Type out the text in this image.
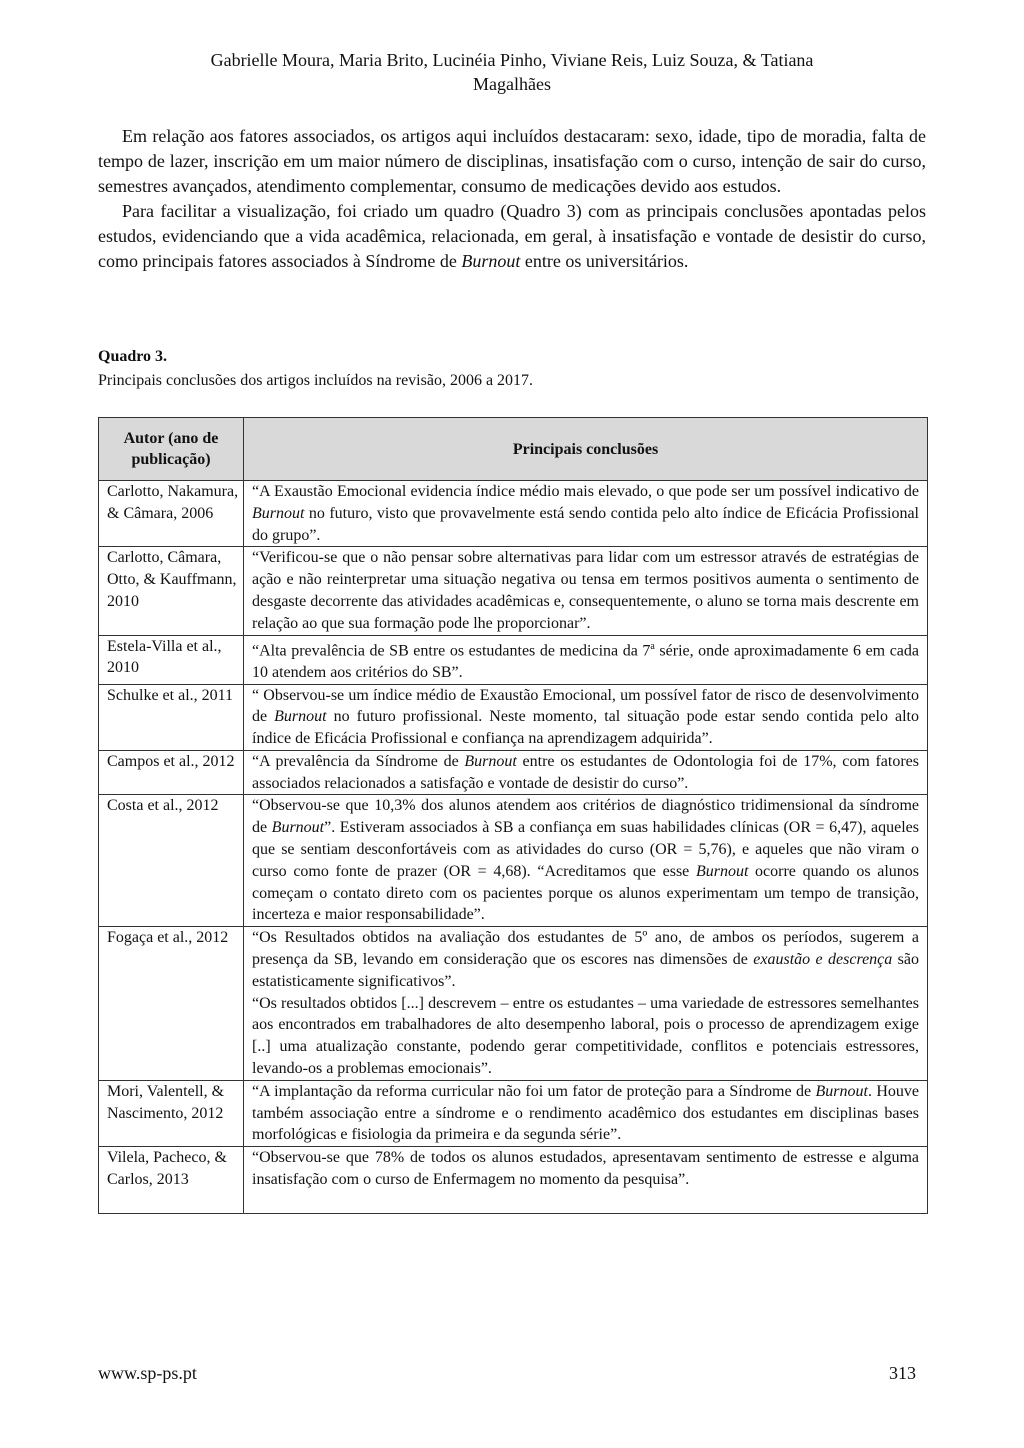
Gabrielle Moura, Maria Brito, Lucinéia Pinho, Viviane Reis, Luiz Souza, & Tatiana
Magalhães

Em relação aos fatores associados, os artigos aqui incluídos destacaram: sexo, idade, tipo de moradia, falta de tempo de lazer, inscrição em um maior número de disciplinas, insatisfação com o curso, intenção de sair do curso, semestres avançados, atendimento complementar, consumo de medicações devido aos estudos.

Para facilitar a visualização, foi criado um quadro (Quadro 3) com as principais conclusões apontadas pelos estudos, evidenciando que a vida acadêmica, relacionada, em geral, à insatisfação e vontade de desistir do curso, como principais fatores associados à Síndrome de Burnout entre os universitários.

Quadro 3.
Principais conclusões dos artigos incluídos na revisão, 2006 a 2017.
Autor (ano de publicação)	Principais conclusões
Carlotto, Nakamura, & Câmara, 2006	“A Exaustão Emocional evidencia índice médio mais elevado, o que pode ser um possível indicativo de Burnout no futuro, visto que provavelmente está sendo contida pelo alto índice de Eficácia Profissional do grupo”.
Carlotto, Câmara, Otto, & Kauffmann, 2010	“Verificou-se que o não pensar sobre alternativas para lidar com um estressor através de estratégias de ação e não reinterpretar uma situação negativa ou tensa em termos positivos aumenta o sentimento de desgaste decorrente das atividades acadêmicas e, consequentemente, o aluno se torna mais descrente em relação ao que sua formação pode lhe proporcionar”.
Estela-Villa et al., 2010	“Alta prevalência de SB entre os estudantes de medicina da 7$^a$ série, onde aproximadamente 6 em cada 10 atendem aos critérios do SB”.
Schulke et al., 2011	“ Observou-se um índice médio de Exaustão Emocional, um possível fator de risco de desenvolvimento de Burnout no futuro profissional. Neste momento, tal situação pode estar sendo contida pelo alto índice de Eficácia Profissional e confiança na aprendizagem adquirida”.
Campos et al., 2012	“A prevalência da Síndrome de Burnout entre os estudantes de Odontologia foi de 17%, com fatores associados relacionados a satisfação e vontade de desistir do curso”.
Costa et al., 2012	“Observou-se que 10,3% dos alunos atendem aos critérios de diagnóstico tridimensional da síndrome de Burnout”. Estiveram associados à SB a confiança em suas habilidades clínicas (OR = 6,47), aqueles que se sentiam desconfortáveis com as atividades do curso (OR = 5,76), e aqueles que não viram o curso como fonte de prazer (OR = 4,68). “Acreditamos que esse Burnout ocorre quando os alunos começam o contato direto com os pacientes porque os alunos experimentam um tempo de transição, incerteza e maior responsabilidade”.
Fogaça et al., 2012	“Os Resultados obtidos na avaliação dos estudantes de 5º ano, de ambos os períodos, sugerem a presença da SB, levando em consideração que os escores nas dimensões de exaustão e descrença são estatisticamente significativos”.

“Os resultados obtidos [...] descrevem – entre os estudantes – uma variedade de estressores semelhantes aos encontrados em trabalhadores de alto desempenho laboral, pois o processo de aprendizagem exige [..] uma atualização constante, podendo gerar competitividade, conflitos e potenciais estressores, levando-os a problemas emocionais”.

Mori, Valentell, & Nascimento, 2012	“A implantação da reforma curricular não foi um fator de proteção para a Síndrome de Burnout. Houve também associação entre a síndrome e o rendimento acadêmico dos estudantes em disciplinas bases morfológicas e fisiologia da primeira e da segunda série”.
Vilela, Pacheco, & Carlos, 2013	“Observou-se que 78% de todos os alunos estudados, apresentavam sentimento de estresse e alguma insatisfação com o curso de Enfermagem no momento da pesquisa”.
www.sp-ps.pt	313
